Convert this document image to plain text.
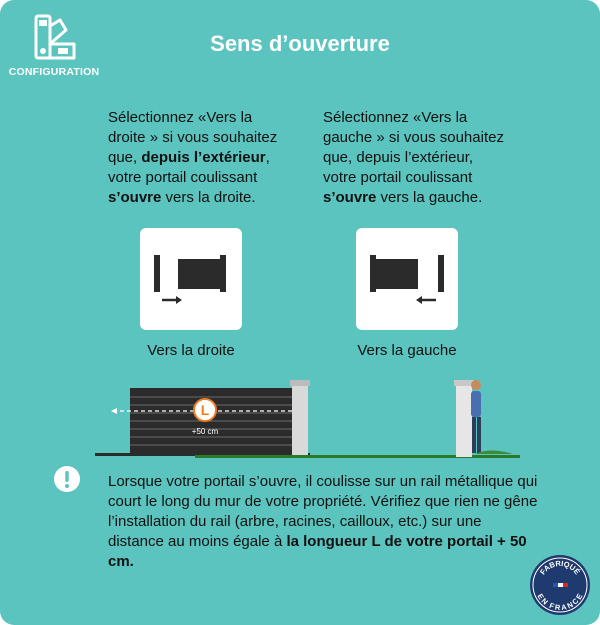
CONFIGURATION
Sens d’ouverture
Sélectionnez «Vers la droite » si vous souhaitez que, depuis l’extérieur, votre portail coulissant s’ouvre vers la droite.
Sélectionnez «Vers la gauche » si vous souhaitez que, depuis l’extérieur, votre portail coulissant s’ouvre vers la gauche.
Vers la droite	Vers la gauche
L
+50 cm
Lorsque votre portail s’ouvre, il coulisse sur un rail métallique qui court le long du mur de votre propriété. Vérifiez que rien ne gêne l’installation du rail (arbre, racines, cailloux, etc.) sur une distance au moins égale à la longueur L de votre portail + 50 cm.
FABRIQUÉ
EN FRANCE
